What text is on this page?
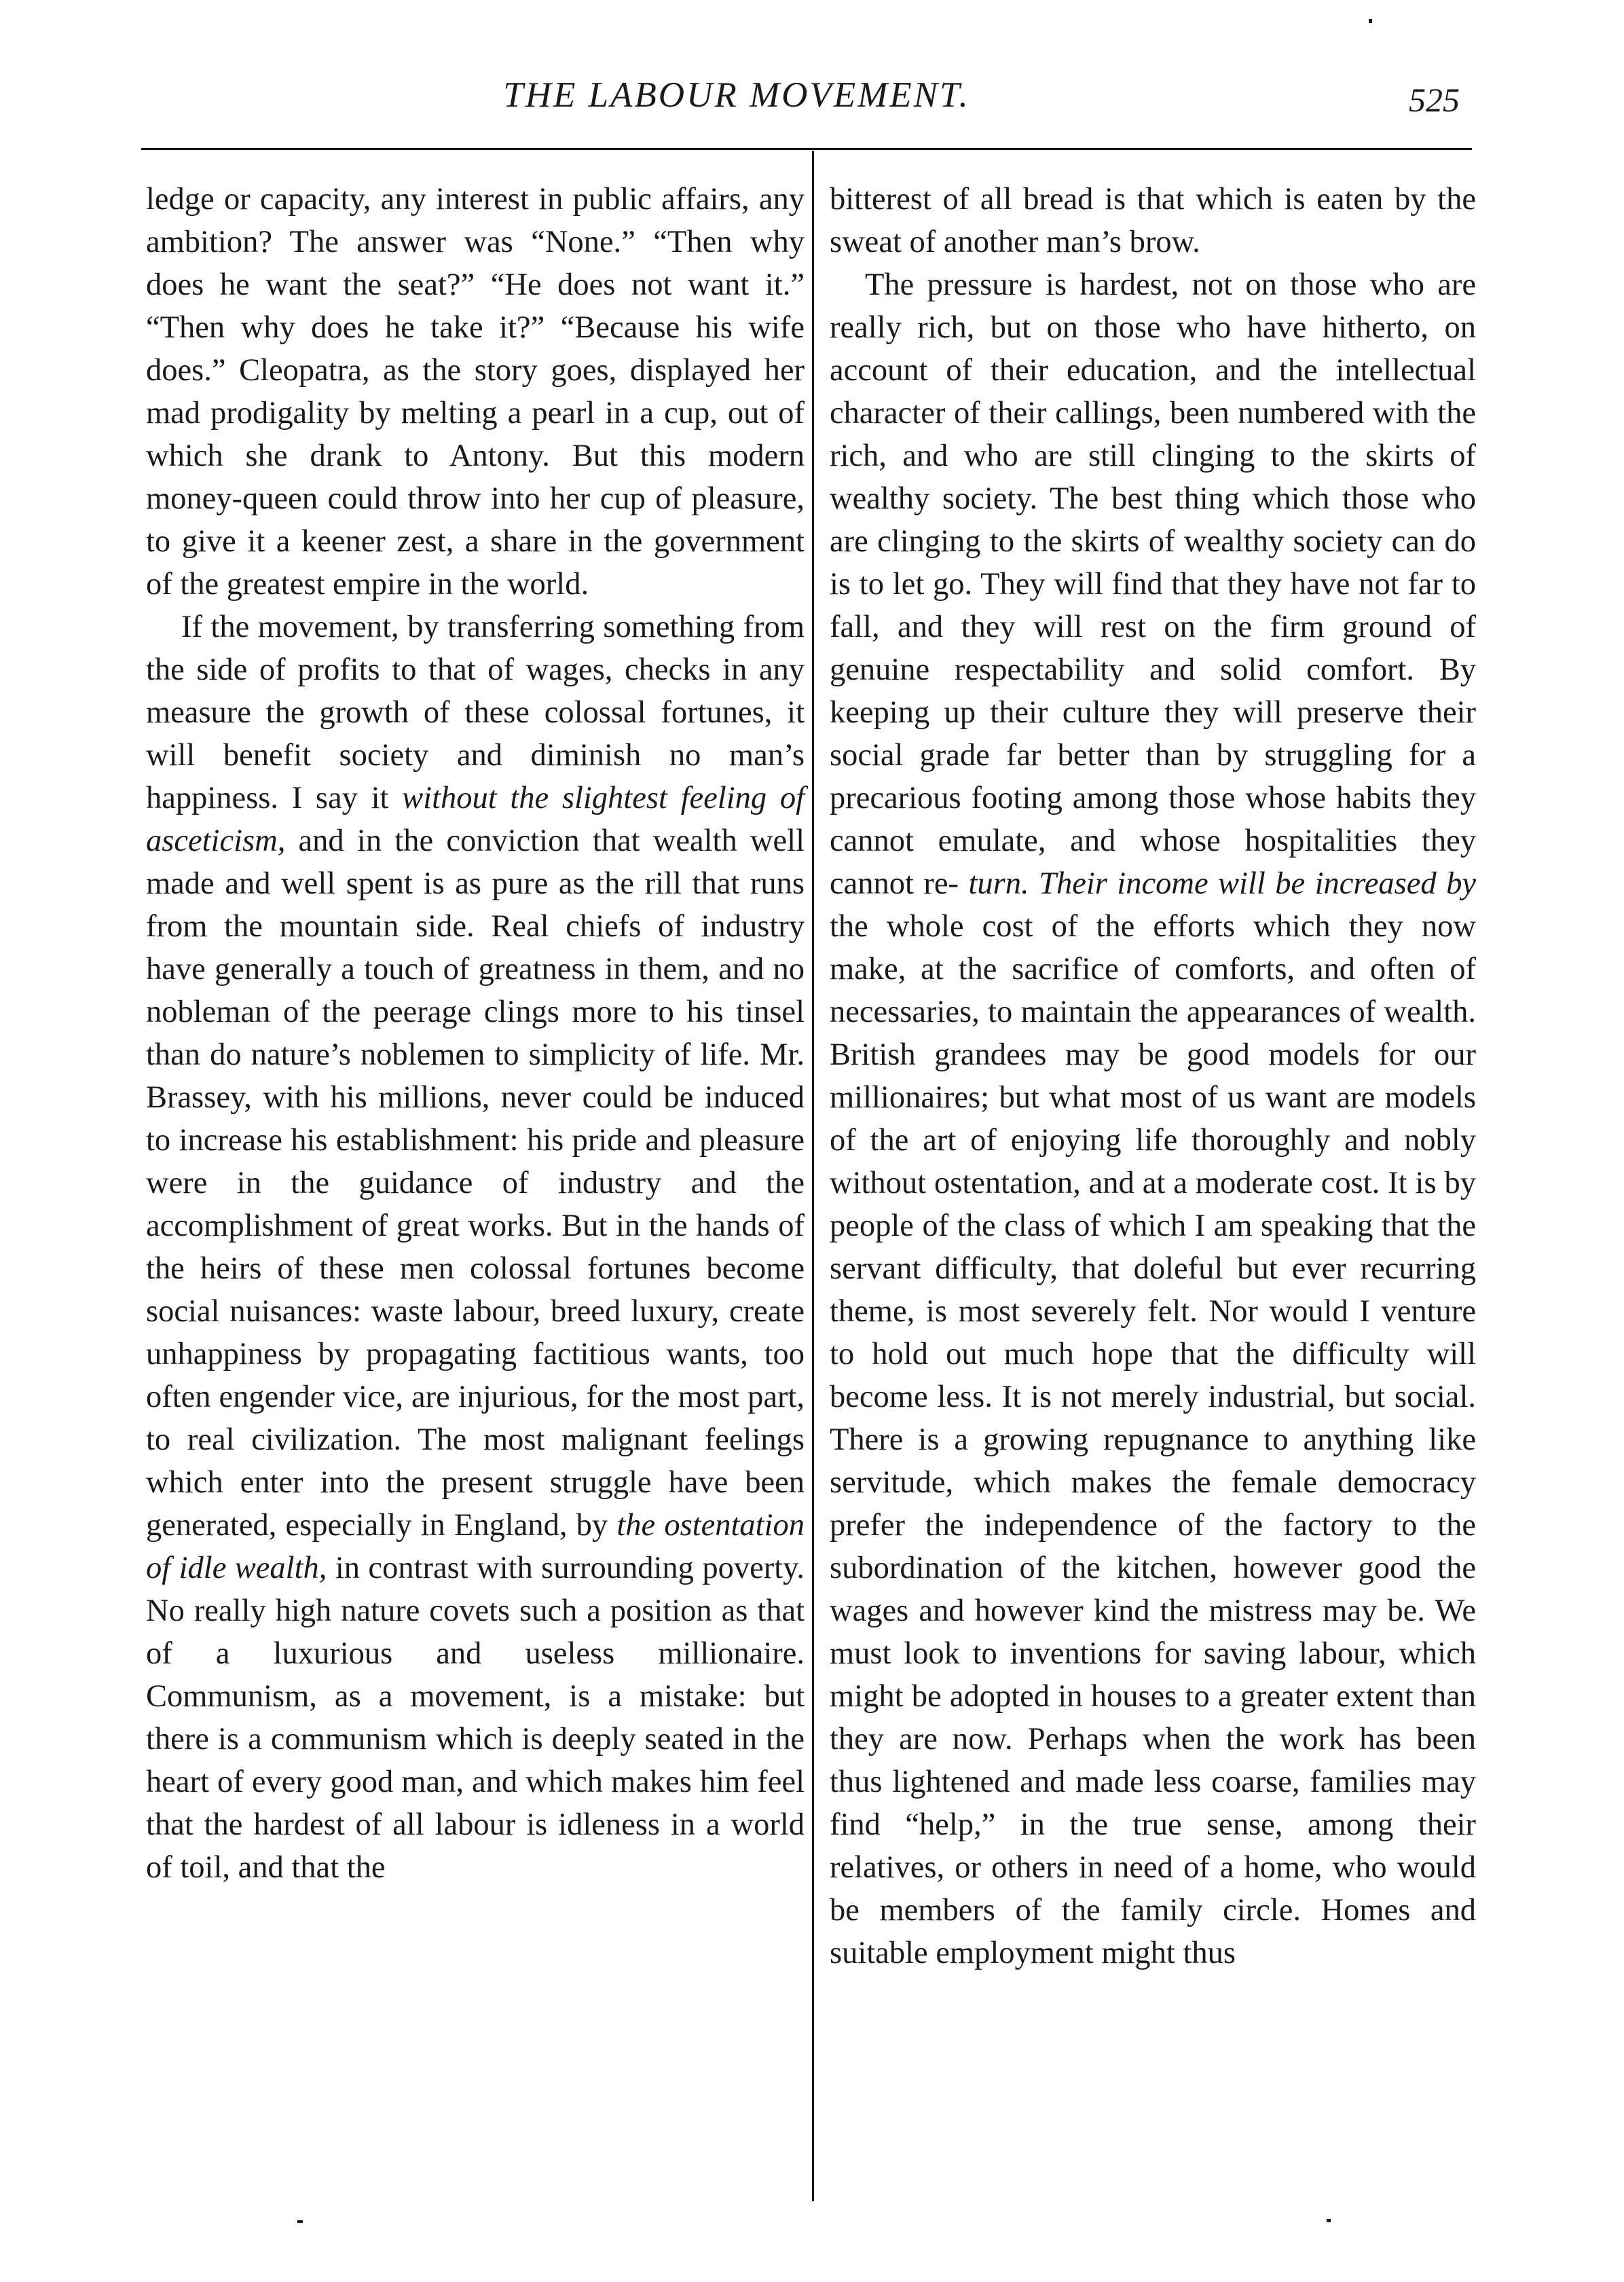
THE LABOUR MOVEMENT.	525

ledge or capacity, any interest in public affairs, any ambition? The answer was “None.” “Then why does he want the seat?” “He does not want it.” “Then why does he take it?” “Because his wife does.” Cleopatra, as the story goes, displayed her mad prodigality by melting a pearl in a cup, out of which she drank to Antony. But this modern money-queen could throw into her cup of pleasure, to give it a keener zest, a share in the government of the greatest empire in the world.

If the movement, by transferring something from the side of profits to that of wages, checks in any measure the growth of these colossal fortunes, it will benefit society and diminish no man’s happiness. I say it without the slightest feeling of asceticism, and in the conviction that wealth well made and well spent is as pure as the rill that runs from the mountain side. Real chiefs of industry have generally a touch of greatness in them, and no nobleman of the peerage clings more to his tinsel than do nature’s noblemen to simplicity of life. Mr. Brassey, with his millions, never could be induced to increase his establishment: his pride and pleasure were in the guidance of industry and the accomplishment of great works. But in the hands of the heirs of these men colossal fortunes become social nuisances: waste labour, breed luxury, create unhappiness by propagating factitious wants, too often engender vice, are injurious, for the most part, to real civilization. The most malignant feelings which enter into the present struggle have been generated, especially in England, by the ostentation of idle wealth, in contrast with surrounding poverty. No really high nature covets such a position as that of a luxurious and useless millionaire. Communism, as a movement, is a mistake: but there is a communism which is deeply seated in the heart of every good man, and which makes him feel that the hardest of all labour is idleness in a world of toil, and that the

bitterest of all bread is that which is eaten by the sweat of another man’s brow.

The pressure is hardest, not on those who are really rich, but on those who have hitherto, on account of their education, and the intellectual character of their callings, been numbered with the rich, and who are still clinging to the skirts of wealthy society. The best thing which those who are clinging to the skirts of wealthy society can do is to let go. They will find that they have not far to fall, and they will rest on the firm ground of genuine respectability and solid comfort. By keeping up their culture they will preserve their social grade far better than by struggling for a precarious footing among those whose habits they cannot emulate, and whose hospitalities they cannot re- turn. Their income will be increased by the whole cost of the efforts which they now make, at the sacrifice of comforts, and often of necessaries, to maintain the appearances of wealth. British grandees may be good models for our millionaires; but what most of us want are models of the art of enjoying life thoroughly and nobly without ostentation, and at a moderate cost. It is by people of the class of which I am speaking that the servant difficulty, that doleful but ever recurring theme, is most severely felt. Nor would I venture to hold out much hope that the difficulty will become less. It is not merely industrial, but social. There is a growing repugnance to anything like servitude, which makes the female democracy prefer the independence of the factory to the subordination of the kitchen, however good the wages and however kind the mistress may be. We must look to inventions for saving labour, which might be adopted in houses to a greater extent than they are now. Perhaps when the work has been thus lightened and made less coarse, families may find “help,” in the true sense, among their relatives, or others in need of a home, who would be members of the family circle. Homes and suitable employment might thus
